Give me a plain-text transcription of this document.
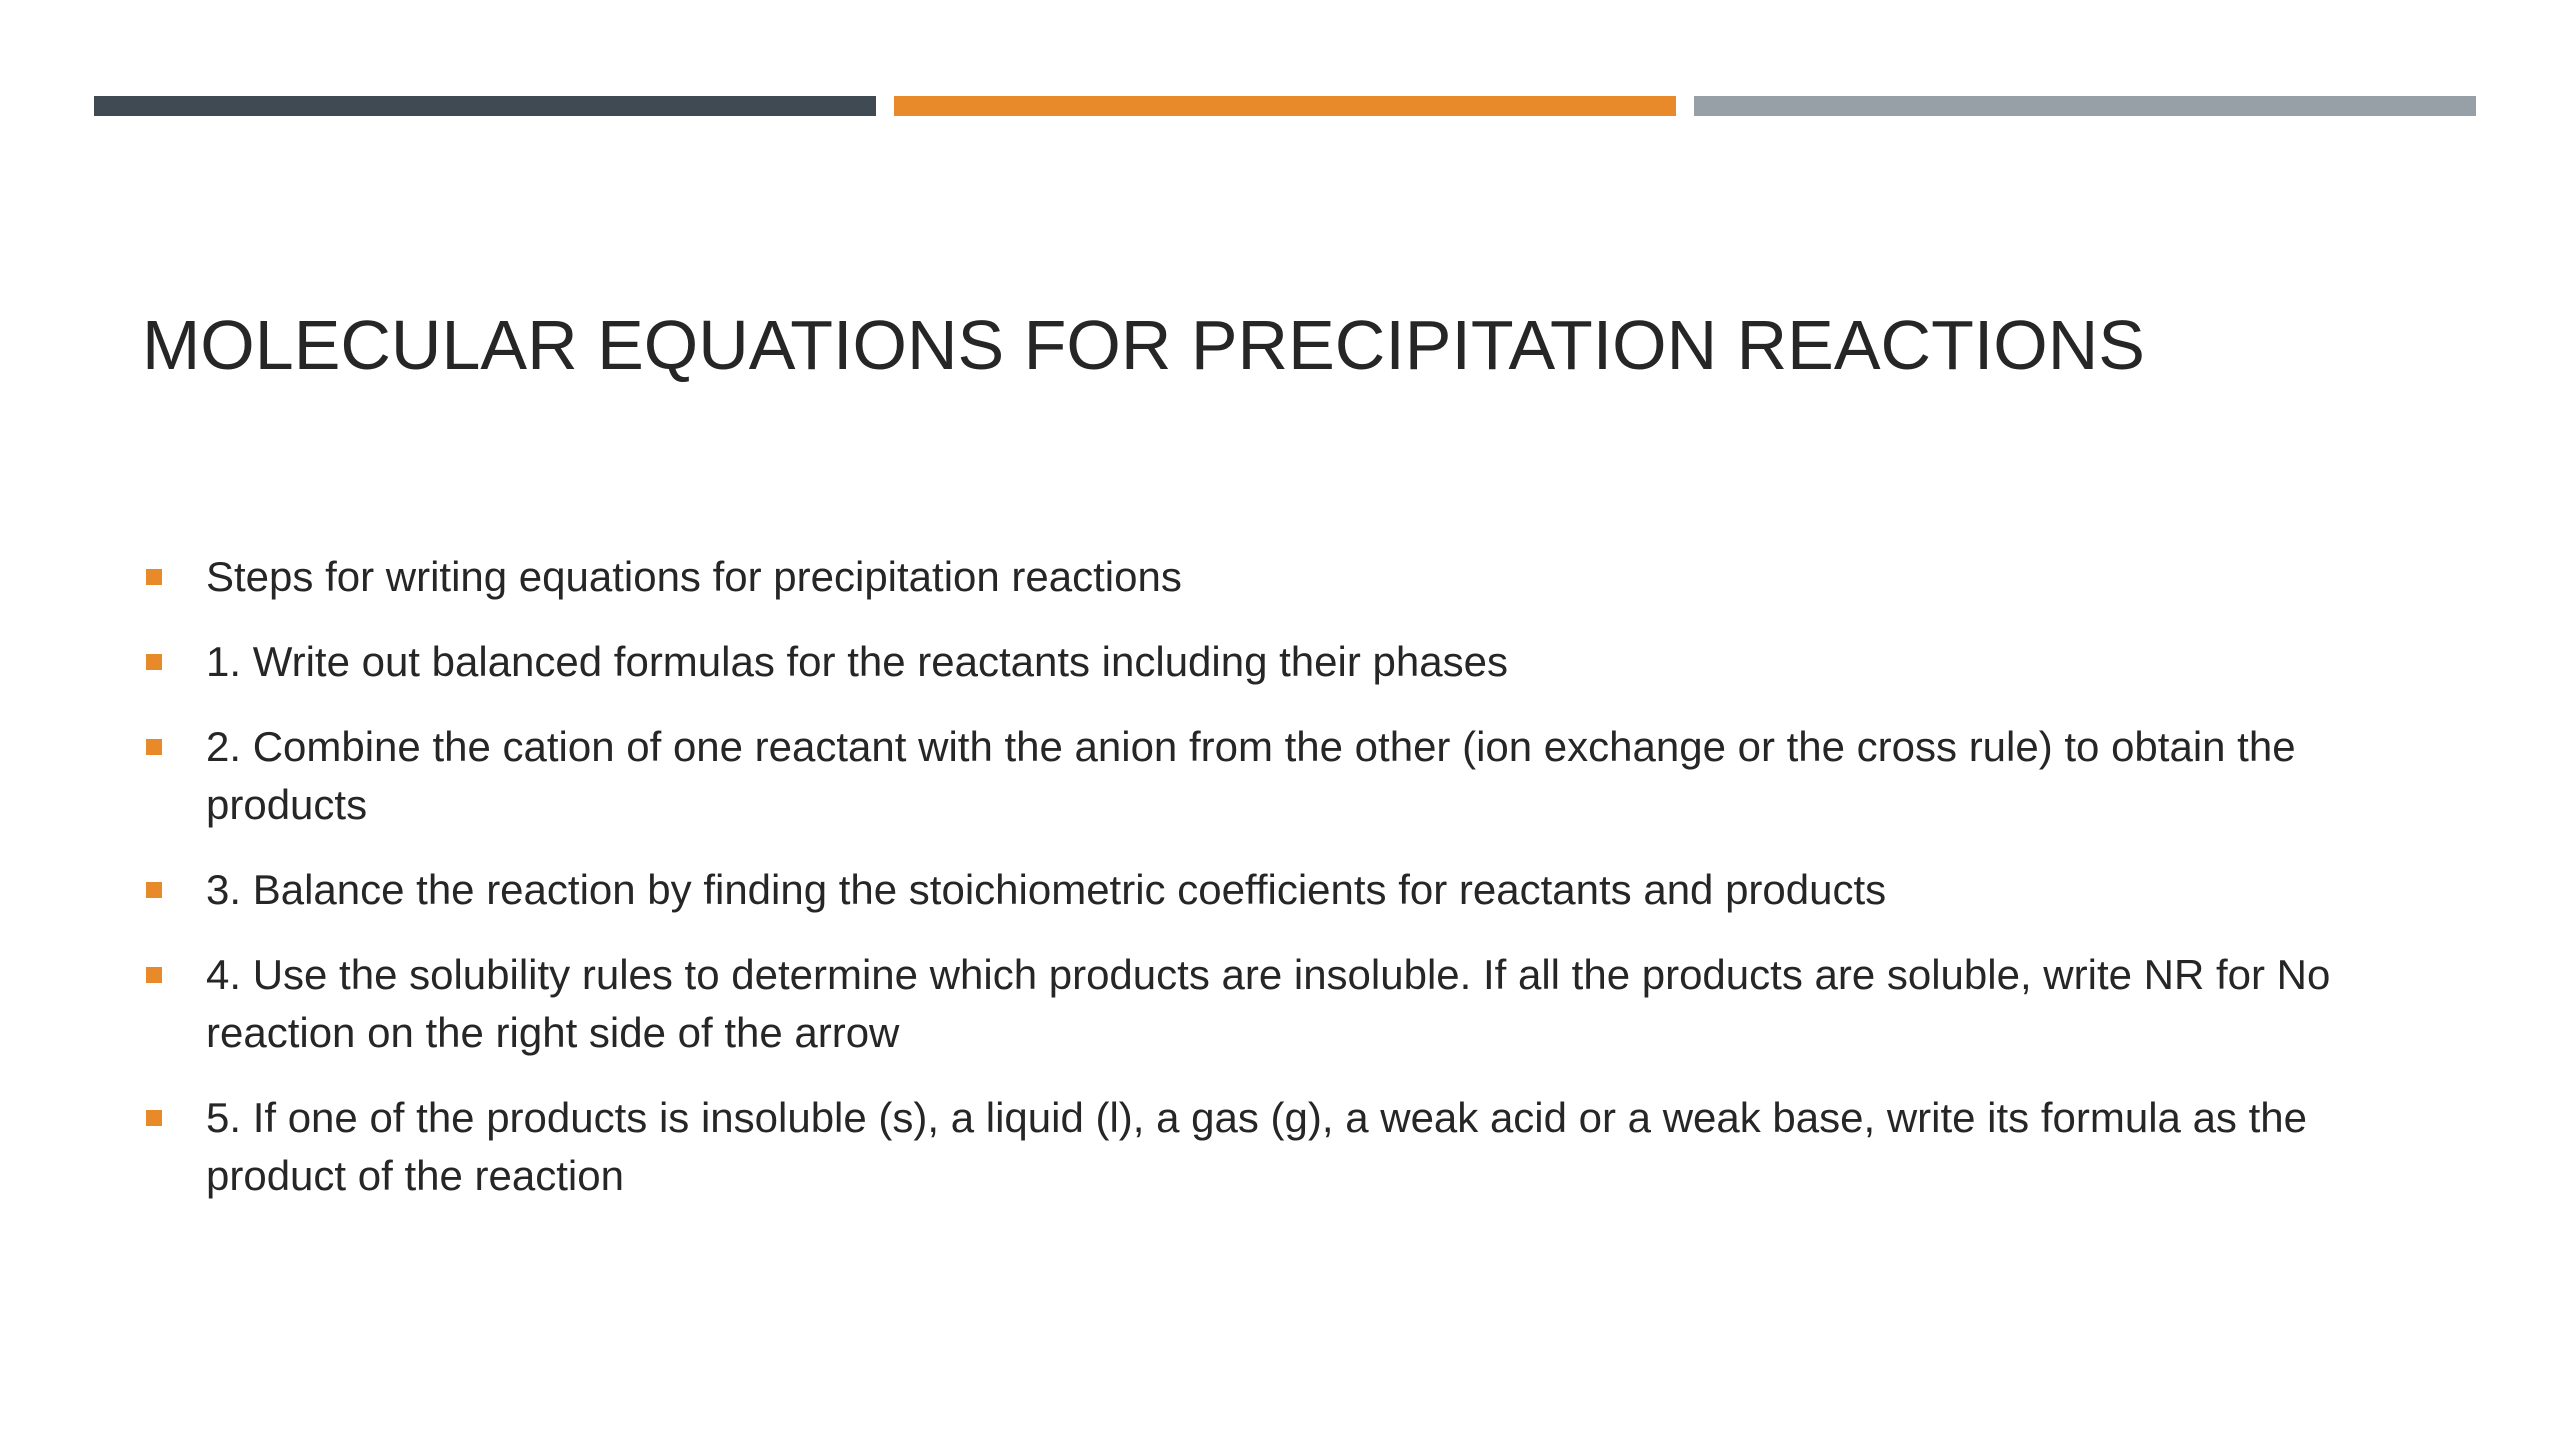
MOLECULAR EQUATIONS FOR PRECIPITATION REACTIONS
Steps for writing equations for precipitation reactions
1. Write out balanced formulas for the reactants including their phases
2. Combine the cation of one reactant with the anion from the other (ion exchange or the cross rule) to obtain the products
3. Balance the reaction by finding the stoichiometric coefficients for reactants and products
4. Use the solubility rules to determine which products are insoluble. If all the products are soluble, write NR for No reaction on the right side of the arrow
5. If one of the products is insoluble (s), a liquid (l), a gas (g), a weak acid or a weak base, write its formula as the product of the reaction
